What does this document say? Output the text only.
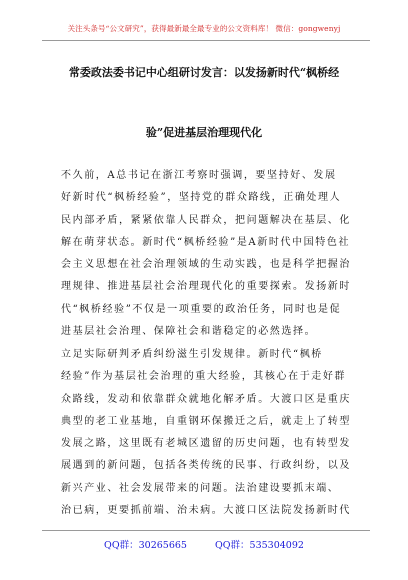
关注头条号“公文研究”，获得最新最全最专业的公文资料库！ 微信：gongwenyj
常委政法委书记中心组研讨发言：以发扬新时代“枫桥经
验”促进基层治理现代化
不久前，A总书记在浙江考察时强调，要坚持好、发展
好新时代“枫桥经验”，坚持党的群众路线，正确处理人
民内部矛盾，紧紧依靠人民群众，把问题解决在基层、化
解在萌芽状态。新时代“枫桥经验”是A新时代中国特色社
会主义思想在社会治理领域的生动实践，也是科学把握治
理规律、推进基层社会治理现代化的重要探索。发扬新时
代“枫桥经验”不仅是一项重要的政治任务，同时也是促
进基层社会治理、保障社会和谐稳定的必然选择。
立足实际研判矛盾纠纷滋生引发规律。新时代“枫桥
经验”作为基层社会治理的重大经验，其核心在于走好群
众路线，发动和依靠群众就地化解矛盾。大渡口区是重庆
典型的老工业基地，自重钢环保搬迁之后，就走上了转型
发展之路，这里既有老城区遗留的历史问题，也有转型发
展遇到的新问题，包括各类传统的民事、行政纠纷，以及
新兴产业、社会发展带来的问题。法治建设要抓末端、
治已病，更要抓前端、治未病。大渡口区法院发扬新时代
QQ群：30265665	QQ群：535304092
